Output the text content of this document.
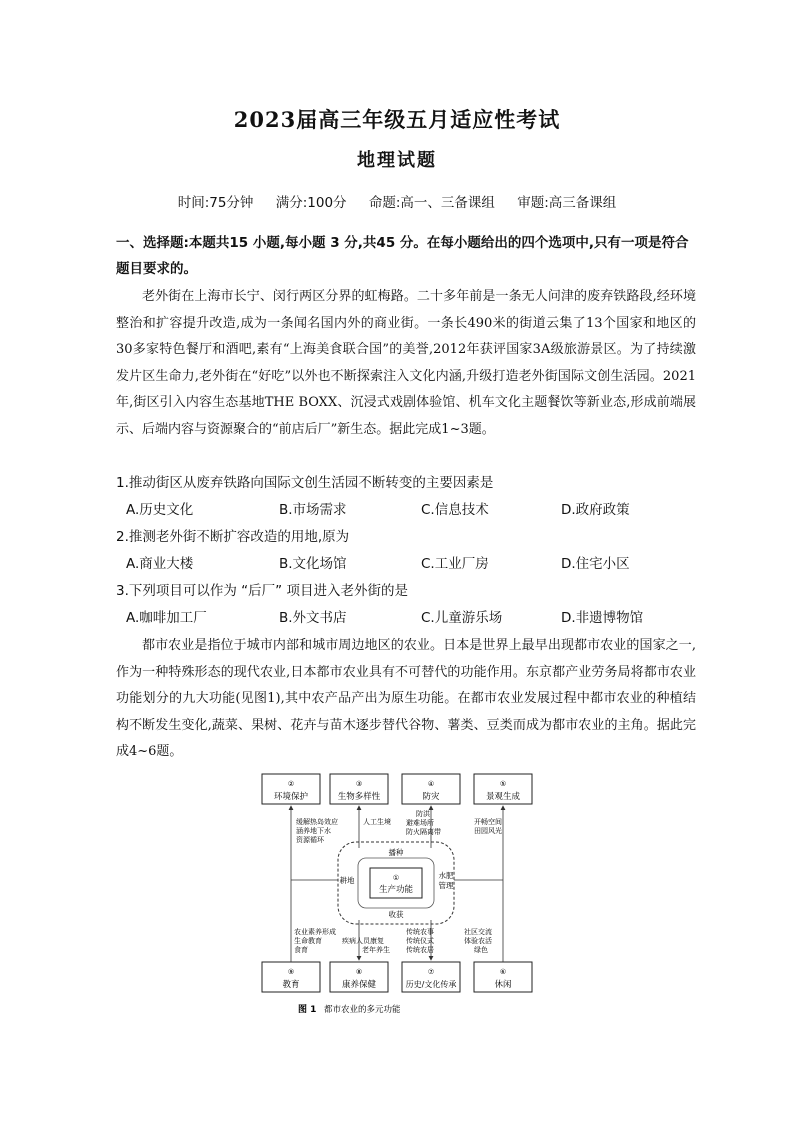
2023届高三年级五月适应性考试
地理试题
时间:75分钟 满分:100分 命题:高一、三备课组 审题:高三备课组
一、选择题:本题共15 小题,每小题 3 分,共45 分。在每小题给出的四个选项中,只有一项是符合题目要求的。
老外街在上海市长宁、闵行两区分界的虹梅路。二十多年前是一条无人问津的废弃铁路段,经环境整治和扩容提升改造,成为一条闻名国内外的商业街。一条长490米的街道云集了13个国家和地区的30多家特色餐厅和酒吧,素有“上海美食联合国”的美誉,2012年获评国家3A级旅游景区。为了持续激发片区生命力,老外街在“好吃”以外也不断探索注入文化内涵,升级打造老外街国际文创生活园。2021年,街区引入内容生态基地THE BOXX、沉浸式戏剧体验馆、机车文化主题餐饮等新业态,形成前端展示、后端内容与资源聚合的“前店后厂”新生态。据此完成1~3题。
1.推动街区从废弃铁路向国际文创生活园不断转变的主要因素是
A.历史文化	B.市场需求	C.信息技术	D.政府政策
2.推测老外街不断扩容改造的用地,原为
A.商业大楼	B.文化场馆	C.工业厂房	D.住宅小区
3.下列项目可以作为 “后厂” 项目进入老外街的是
A.咖啡加工厂	B.外文书店	C.儿童游乐场	D.非遗博物馆
都市农业是指位于城市内部和城市周边地区的农业。日本是世界上最早出现都市农业的国家之一,作为一种特殊形态的现代农业,日本都市农业具有不可替代的功能作用。东京都产业劳务局将都市农业功能划分的九大功能(见图1),其中农产品产出为原生功能。在都市农业发展过程中都市农业的种植结构不断发生变化,蔬菜、果树、花卉与苗木逐步替代谷物、薯类、豆类而成为都市农业的主角。据此完成4~6题。
②
环境保护
③
生物多样性
④
防灾
⑤
景观生成
⑨
教育
⑧
康养保健
⑦
历史/文化传承
⑥
休闲
①
生产功能
播种
水肥
管理
收获
耕地
缓解热岛效应
涵养地下水
资源循环
人工生境
防洪
避难场所
防火隔离带
开畅空间
田园风光
农业素养形成
生命教育
食育
疾病人员康复
老年养生
传统农事
传统仪式
传统农居
社区交流
体验农活
绿色
图 1 都市农业的多元功能
